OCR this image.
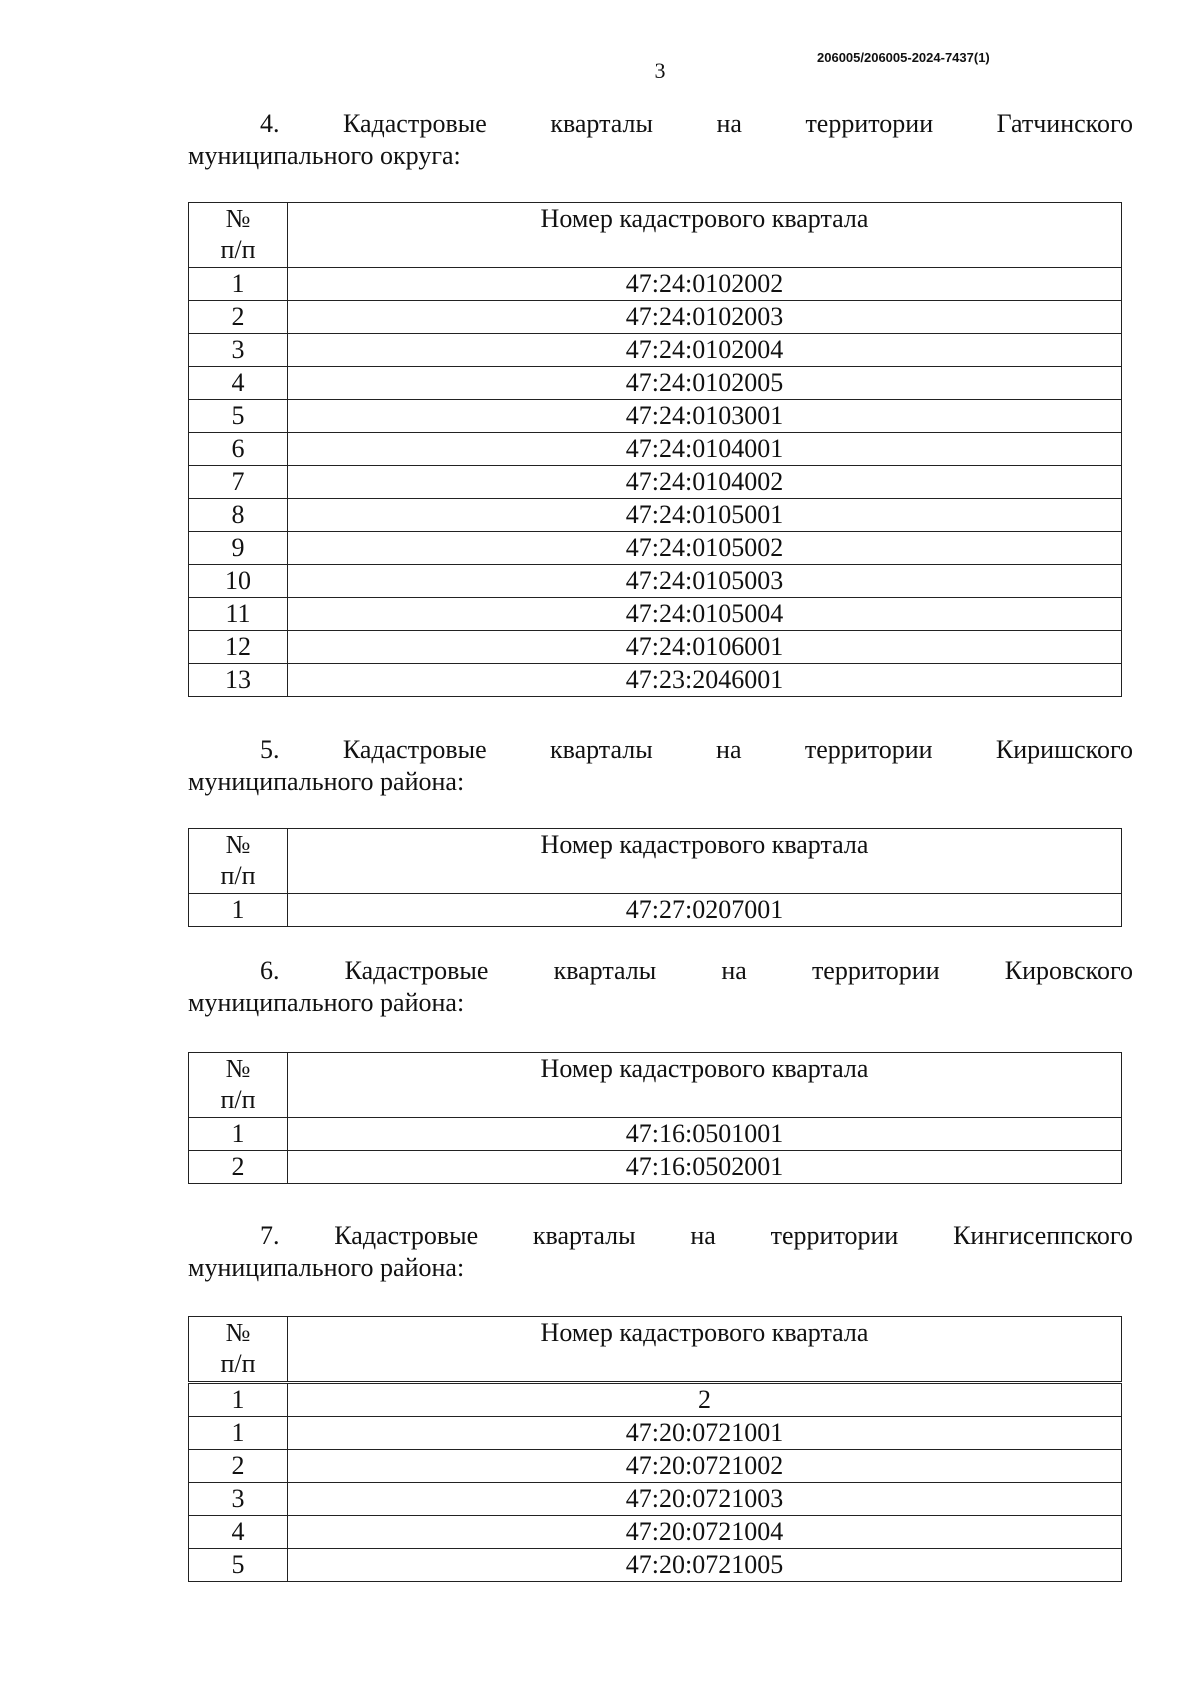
3
206005/206005-2024-7437(1)
4. Кадастровые кварталы на территории Гатчинского
муниципального округа:
№
п/п	Номер кадастрового квартала
1	47:24:0102002
2	47:24:0102003
3	47:24:0102004
4	47:24:0102005
5	47:24:0103001
6	47:24:0104001
7	47:24:0104002
8	47:24:0105001
9	47:24:0105002
10	47:24:0105003
11	47:24:0105004
12	47:24:0106001
13	47:23:2046001
5. Кадастровые кварталы на территории Киришского
муниципального района:
№
п/п	Номер кадастрового квартала
1	47:27:0207001
6.	Кадастровые	кварталы	на	территории	Кировского
муниципального района:
№
п/п	Номер кадастрового квартала
1	47:16:0501001
2	47:16:0502001
7. Кадастровые кварталы на территории Кингисеппского
муниципального района:
№
п/п	Номер кадастрового квартала
1	2
1	47:20:0721001
2	47:20:0721002
3	47:20:0721003
4	47:20:0721004
5	47:20:0721005
